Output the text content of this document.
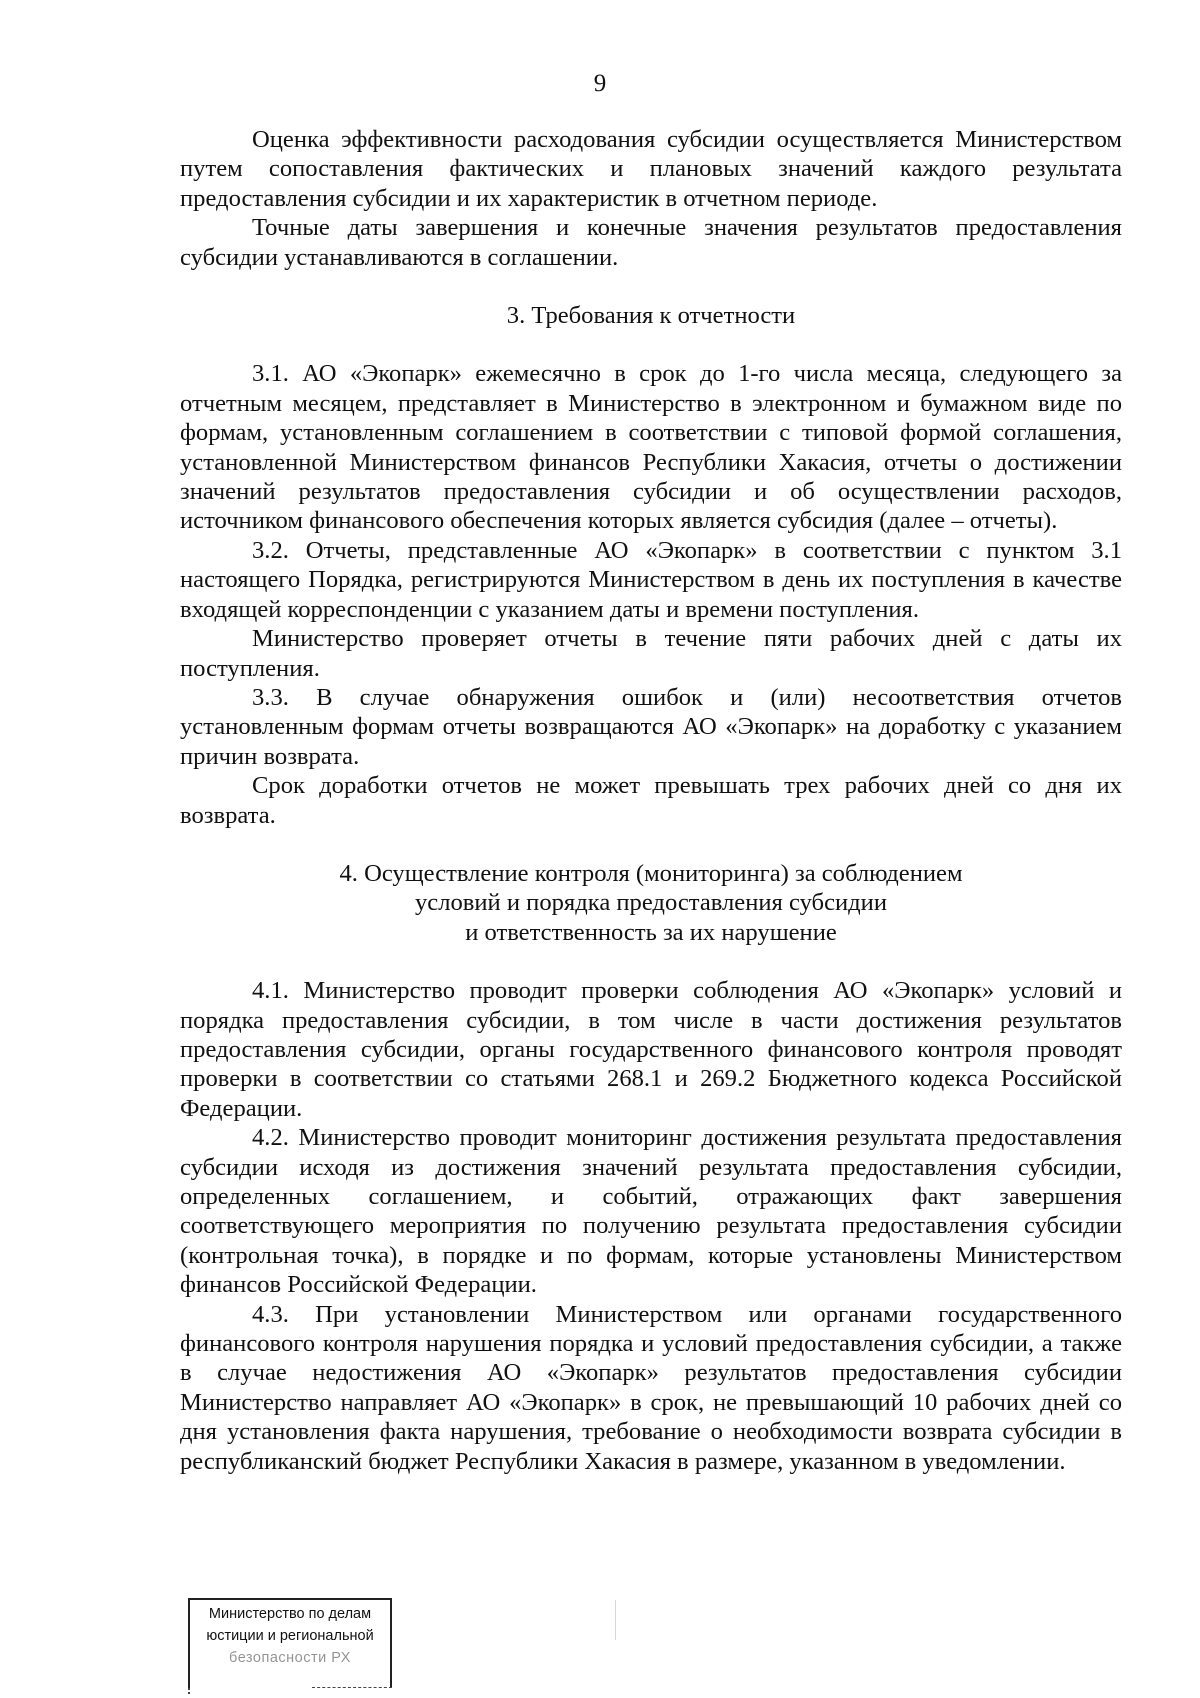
9

Оценка эффективности расходования субсидии осуществляется Министерством путем сопоставления фактических и плановых значений каждого результата предоставления субсидии и их характеристик в отчетном периоде.

Точные даты завершения и конечные значения результатов предоставления субсидии устанавливаются в соглашении.

3. Требования к отчетности

3.1. АО «Экопарк» ежемесячно в срок до 1-го числа месяца, следующего за отчетным месяцем, представляет в Министерство в электронном и бумажном виде по формам, установленным соглашением в соответствии с типовой формой соглашения, установленной Министерством финансов Республики Хакасия, отчеты о достижении значений результатов предоставления субсидии и об осуществлении расходов, источником финансового обеспечения которых является субсидия (далее – отчеты).

3.2. Отчеты, представленные АО «Экопарк» в соответствии с пунктом 3.1 настоящего Порядка, регистрируются Министерством в день их поступления в качестве входящей корреспонденции с указанием даты и времени поступления.

Министерство проверяет отчеты в течение пяти рабочих дней с даты их поступления.

3.3. В случае обнаружения ошибок и (или) несоответствия отчетов установленным формам отчеты возвращаются АО «Экопарк» на доработку с указанием причин возврата.

Срок доработки отчетов не может превышать трех рабочих дней со дня их возврата.

4. Осуществление контроля (мониторинга) за соблюдением
условий и порядка предоставления субсидии
и ответственность за их нарушение

4.1. Министерство проводит проверки соблюдения АО «Экопарк» условий и порядка предоставления субсидии, в том числе в части достижения результатов предоставления субсидии, органы государственного финансового контроля проводят проверки в соответствии со статьями 268.1 и 269.2 Бюджетного кодекса Российской Федерации.

4.2. Министерство проводит мониторинг достижения результата предоставления субсидии исходя из достижения значений результата предоставления субсидии, определенных соглашением, и событий, отражающих факт завершения соответствующего мероприятия по получению результата предоставления субсидии (контрольная точка), в порядке и по формам, которые установлены Министерством финансов Российской Федерации.

4.3. При установлении Министерством или органами государственного финансового контроля нарушения порядка и условий предоставления субсидии, а также в случае недостижения АО «Экопарк» результатов предоставления субсидии Министерство направляет АО «Экопарк» в срок, не превышающий 10 рабочих дней со дня установления факта нарушения, требование о необходимости возврата субсидии в республиканский бюджет Республики Хакасия в размере, указанном в уведомлении.

Министерство по делам
юстиции и региональной
безопасности РХ
